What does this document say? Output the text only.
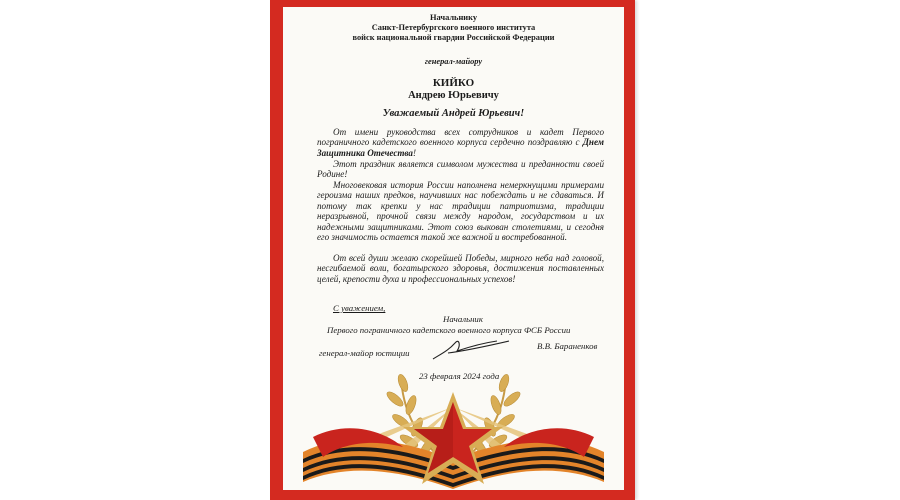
Начальнику
Санкт-Петербургского военного института
войск национальной гвардии Российской Федерации
генерал-майору
КИЙКО
Андрею Юрьевичу
Уважаемый Андрей Юрьевич!

От имени руководства всех сотрудников и кадет Первого пограничного кадетского военного корпуса сердечно поздравляю с Днем Защитника Отечества!

Этот праздник является символом мужества и преданности своей Родине!

Многовековая история России наполнена немеркнущими примерами героизма наших предков, научивших нас побеждать и не сдаваться. И потому так крепки у нас традиции патриотизма, традиции неразрывной, прочной связи между народом, государством и их надежными защитниками. Этот союз выкован столетиями, и сегодня его значимость остается такой же важной и востребованной.

От всей души желаю скорейшей Победы, мирного неба над головой, несгибаемой воли, богатырского здоровья, достижения поставленных целей, крепости духа и профессиональных успехов!

С уважением,
Начальник
Первого пограничного кадетского военного корпуса ФСБ России
генерал-майор юстиции
В.В. Бараненков
23 февраля 2024 года
